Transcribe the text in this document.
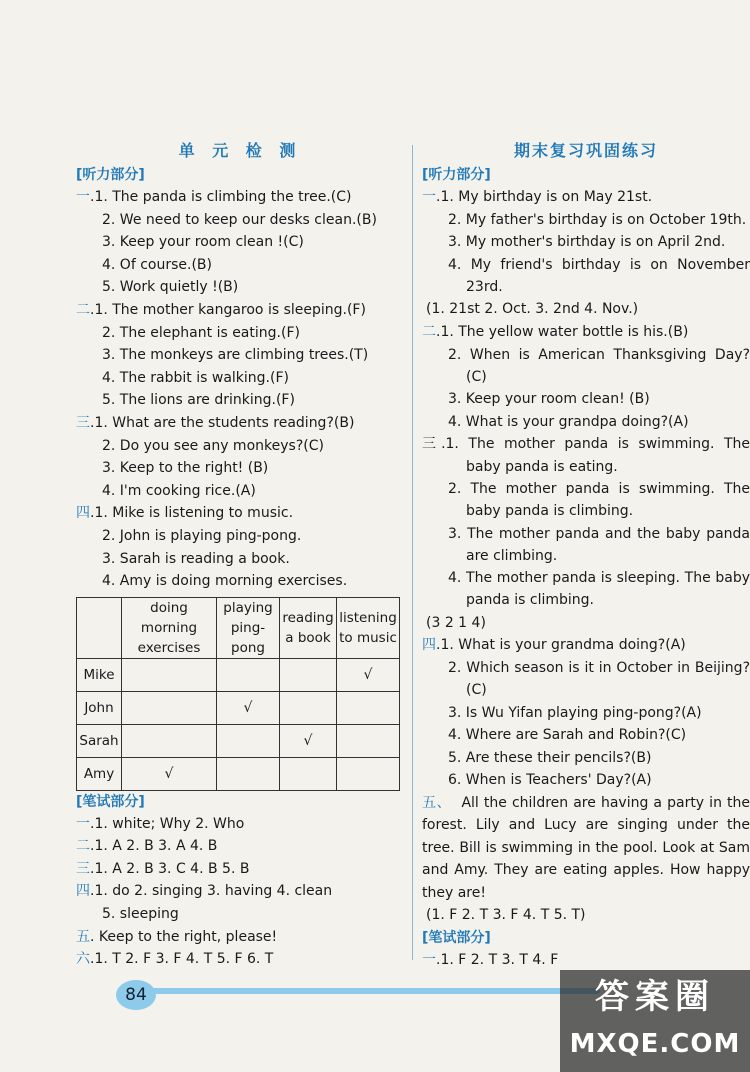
单 元 检 测
[听力部分]
一.1. The panda is climbing the tree.(C)
2. We need to keep our desks clean.(B)
3. Keep your room clean !(C)
4. Of course.(B)
5. Work quietly !(B)
二.1. The mother kangaroo is sleeping.(F)
2. The elephant is eating.(F)
3. The monkeys are climbing trees.(T)
4. The rabbit is walking.(F)
5. The lions are drinking.(F)
三.1. What are the students reading?(B)
2. Do you see any monkeys?(C)
3. Keep to the right! (B)
4. I'm cooking rice.(A)
四.1. Mike is listening to music.
2. John is playing ping-pong.
3. Sarah is reading a book.
4. Amy is doing morning exercises.
	doing morning exercises	playing ping-pong	reading a book	listening to music
Mike				√
John		√		
Sarah			√	
Amy	√			
[笔试部分]
一.1. white; Why 2. Who
二.1. A 2. B 3. A 4. B
三.1. A 2. B 3. C 4. B 5. B
四.1. do 2. singing 3. having 4. clean
5. sleeping
五. Keep to the right, please!
六.1. T 2. F 3. F 4. T 5. F 6. T
期末复习巩固练习
[听力部分]
一.1. My birthday is on May 21st.
2. My father's birthday is on October 19th.
3. My mother's birthday is on April 2nd.
4. My friend's birthday is on November 23rd.
(1. 21st 2. Oct. 3. 2nd 4. Nov.)
二.1. The yellow water bottle is his.(B)
2. When is American Thanksgiving Day? (C)
3. Keep your room clean! (B)
4. What is your grandpa doing?(A)
三.1. The mother panda is swimming. The baby panda is eating.
2. The mother panda is swimming. The baby panda is climbing.
3. The mother panda and the baby panda are climbing.
4. The mother panda is sleeping. The baby panda is climbing.
(3 2 1 4)
四.1. What is your grandma doing?(A)
2. Which season is it in October in Beijing? (C)
3. Is Wu Yifan playing ping-pong?(A)
4. Where are Sarah and Robin?(C)
5. Are these their pencils?(B)
6. When is Teachers' Day?(A)
五、 All the children are having a party in the forest. Lily and Lucy are singing under the tree. Bill is swimming in the pool. Look at Sam and Amy. They are eating apples. How happy they are!
(1. F 2. T 3. F 4. T 5. T)
[笔试部分]
一.1. F 2. T 3. T 4. F
84	答案圈
MXQE.COM
